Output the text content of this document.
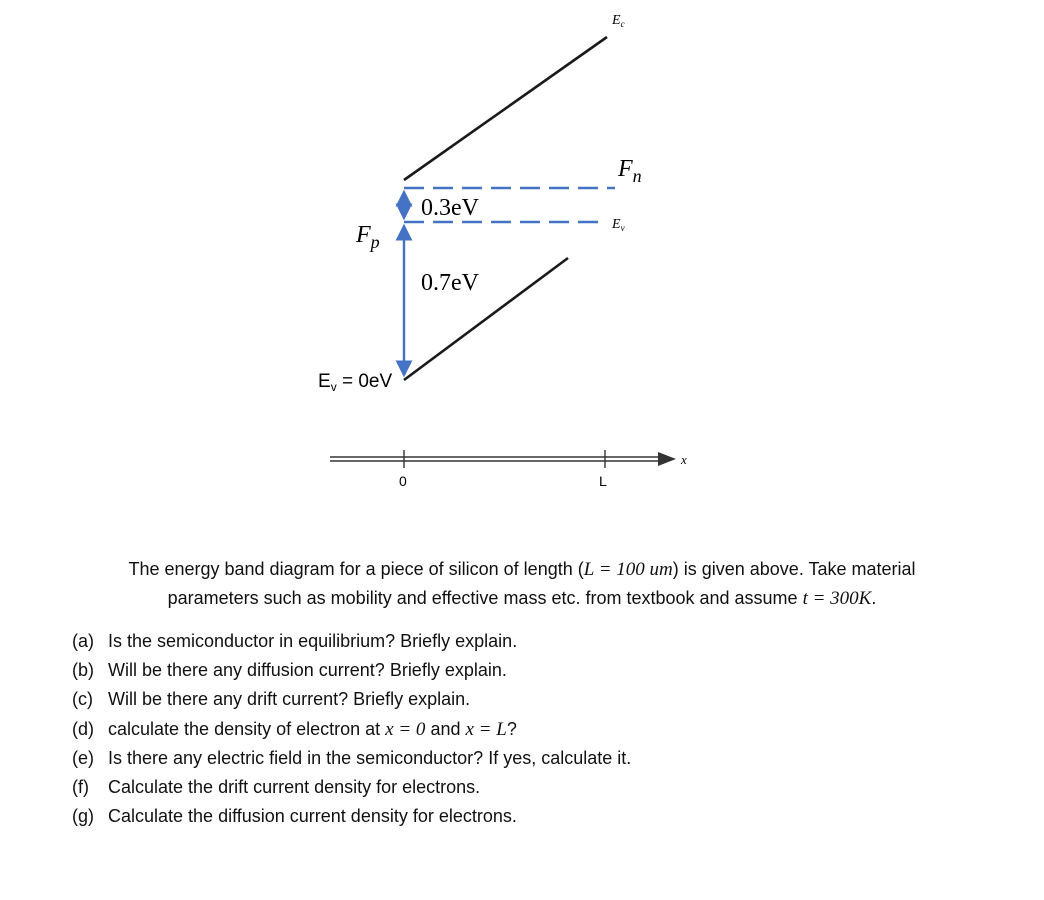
$E_c$
$E_v$
$F_n$
$F_p$
0.3eV
0.7eV
$E_v = 0eV$
0	L
x

The energy band diagram for a piece of silicon of length (L = 100 um) is given above. Take material
parameters such as mobility and effective mass etc. from textbook and assume t = 300K.

(a) Is the semiconductor in equilibrium? Briefly explain.
(b) Will be there any diffusion current? Briefly explain.
(c) Will be there any drift current? Briefly explain.
(d) calculate the density of electron at x = 0 and x = L?
(e) Is there any electric field in the semiconductor? If yes, calculate it.
(f)	Calculate the drift current density for electrons.
(g) Calculate the diffusion current density for electrons.
